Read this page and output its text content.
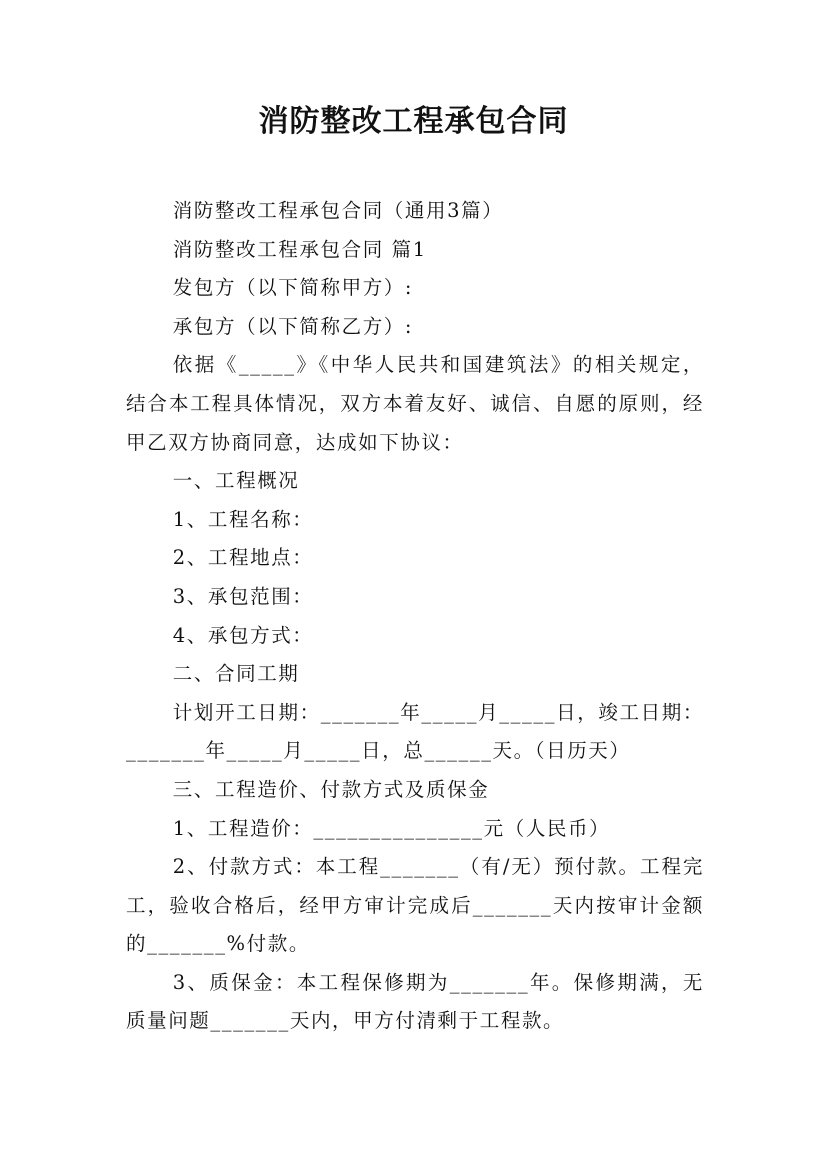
消防整改工程承包合同

消防整改工程承包合同（通用3篇）

消防整改工程承包合同 篇1

发包方（以下简称甲方）:

承包方（以下简称乙方）:

依据《_____》《中华人民共和国建筑法》的相关规定，结合本工程具体情况，双方本着友好、诚信、自愿的原则，经甲乙双方协商同意，达成如下协议：

一、工程概况

1、工程名称：

2、工程地点：

3、承包范围：

4、承包方式：

二、合同工期

计划开工日期：_______年_____月_____日，竣工日期：_______年_____月_____日，总______天。（日历天）

三、工程造价、付款方式及质保金

1、工程造价：_______________元（人民币）

2、付款方式：本工程_______（有/无）预付款。工程完工，验收合格后，经甲方审计完成后_______天内按审计金额的_______%付款。

3、质保金：本工程保修期为_______年。保修期满，无质量问题_______天内，甲方付清剩于工程款。
